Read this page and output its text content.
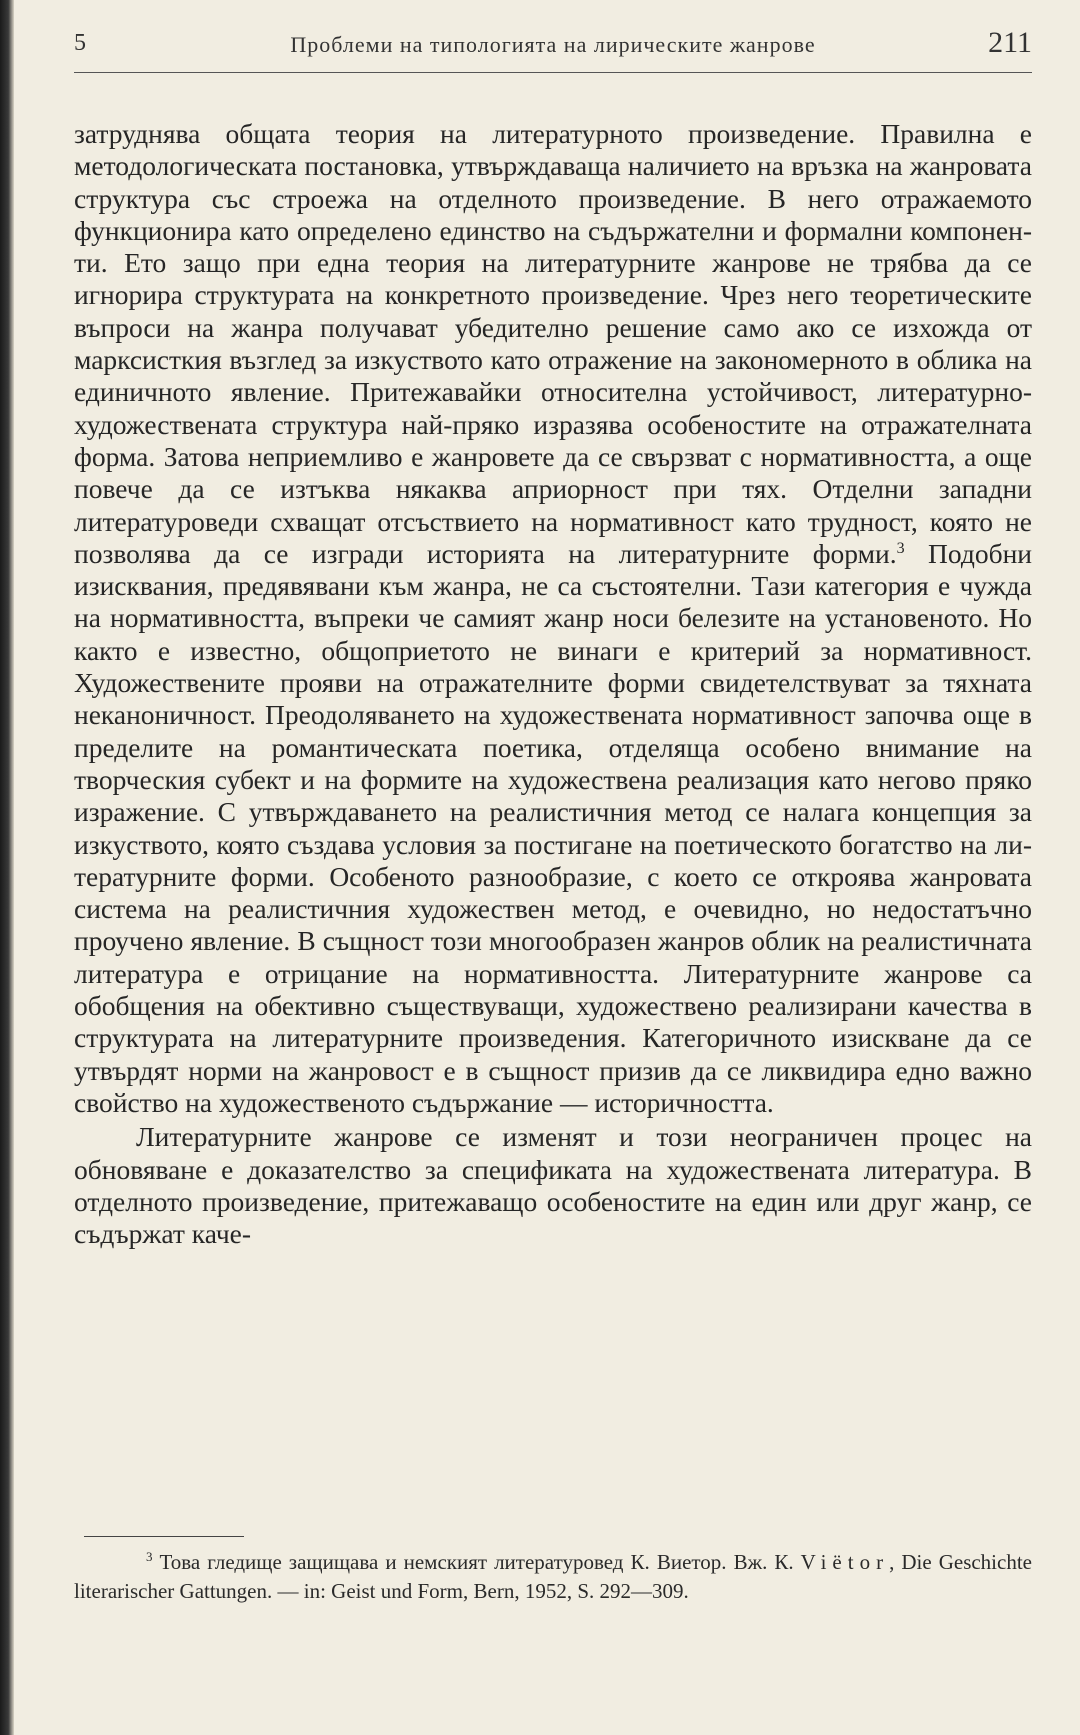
5	Проблеми на типологията на лирическите жанрове	211

затруднява общата теория на литературното произведение. Правилна е методологическата постановка, утвърждаваща наличието на връзка на жанровата структура със строежа на отделното произведение. В него отражаемото функционира като определено единство на съдържателни и формални компоненти. Ето защо при една теория на литературните жанрове не трябва да се игнорира структурата на конкретното произведение. Чрез него теоретическите въпроси на жанра получават убедително решение само ако се изхожда от марксисткия възглед за изкуството като отражение на закономерното в облика на единичното явление. Притежавайки относителна устойчивост, литературно-художествената структура най-пряко изразява особеностите на отражателната форма. Затова неприемливо е жанровете да се свързват с нормативността, а още повече да се изтъква някаква априорност при тях. Отделни западни литературоведи схващат отсъствието на нормативност като трудност, която не позволява да се изгради историята на литературните форми.$^3$ Подобни изисквания, предявявани към жанра, не са състоятелни. Тази категория е чужда на нормативността, въпреки че самият жанр носи белезите на установеното. Но както е известно, общоприетото не винаги е критерий за нормативност. Художествените прояви на отражателните форми свидетелствуват за тяхната неканоничност. Преодоляването на художествената нормативност започва още в пределите на романтическата поетика, отделяща особено внимание на творческия субект и на формите на художествена реализация като негово пряко изражение. С утвърждаването на реалистичния метод се налага концепция за изкуството, която създава условия за постигане на поетическото богатство на литературните форми. Особеното разнообразие, с което се открoява жанровата система на реалистичния художествен метод, е очевидно, но недостатъчно проучено явление. В същност този многообразен жанров облик на реалистичната литература е отрицание на нормативността. Литературните жанрове са обобщения на обективно съществуващи, художествено реализирани качества в структурата на литературните произведения. Категоричното изискване да се утвърдят норми на жанровост е в същност призив да се ликвидира едно важно свойство на художественото съдържание — историчността.

Литературните жанрове се изменят и този неограничен процес на обновяване е доказателство за спецификата на художествената литература. В отделното произведение, притежаващо особеностите на един или друг жанр, се съдържат каче-

$^3$ Това гледище защищава и немският литературовед К. Виетор. Вж. К. Viëtor, Die Geschichte literarischer Gattungen. — in: Geist und Form, Bern, 1952, S. 292—309.
